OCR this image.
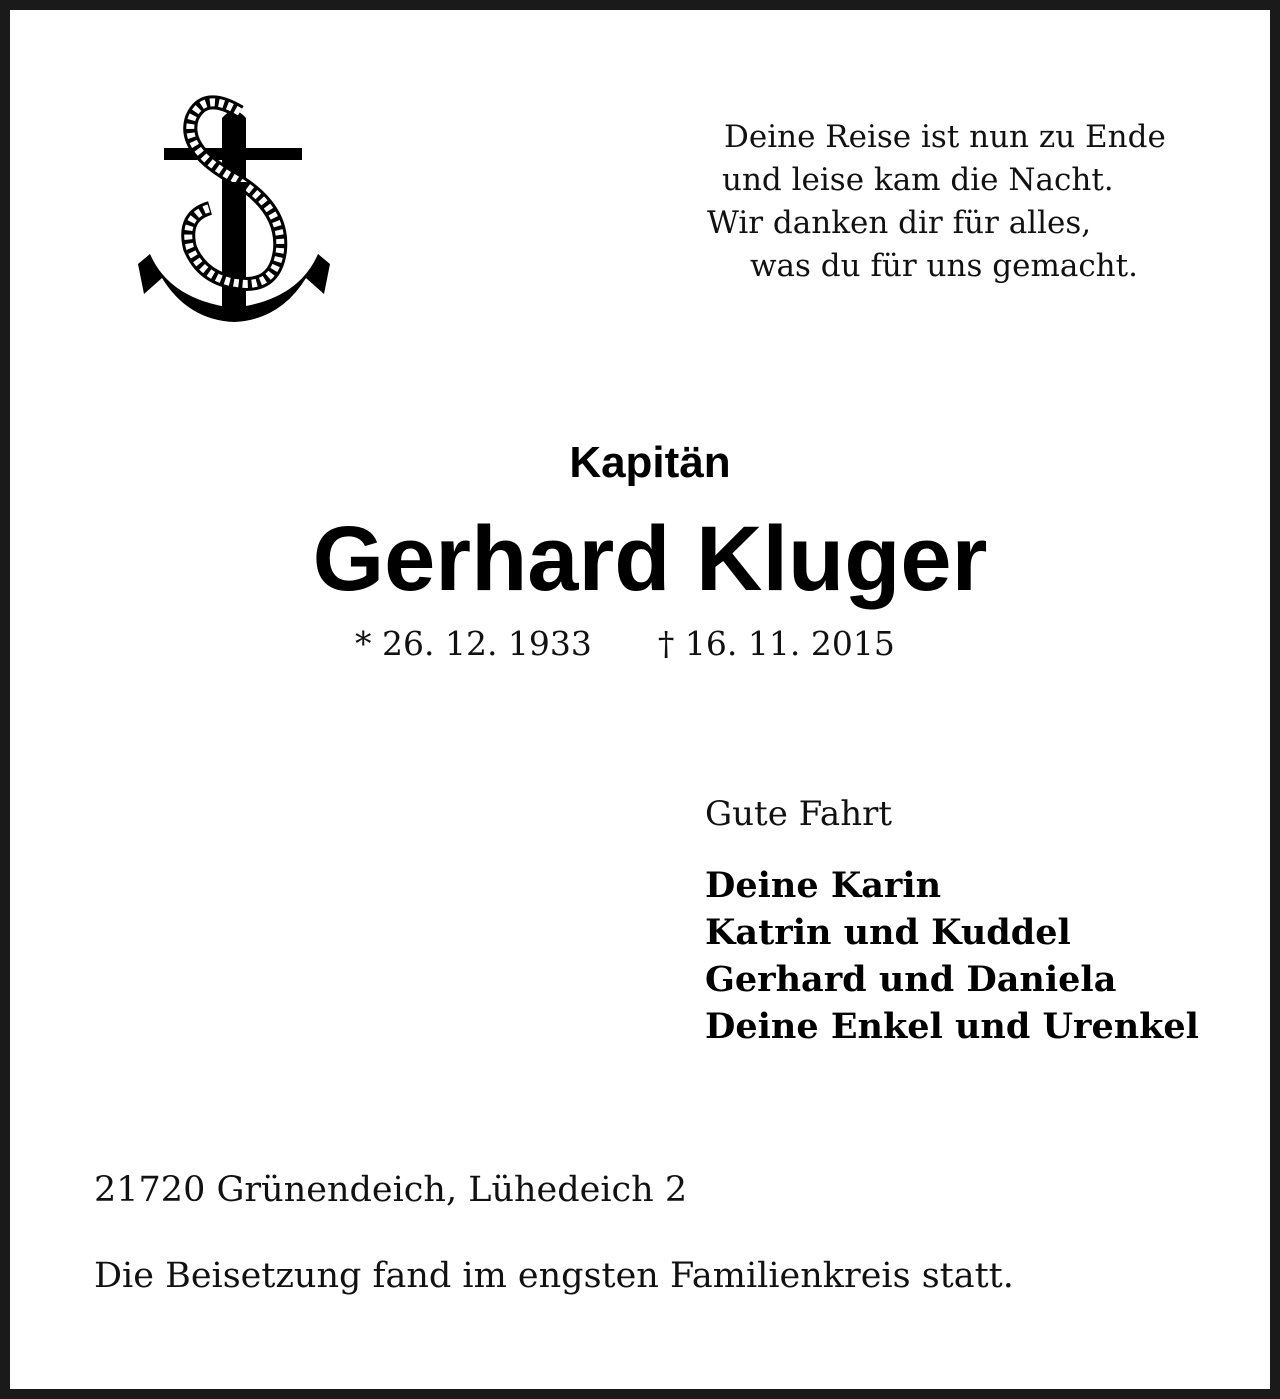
Deine Reise ist nun zu Ende
und leise kam die Nacht.
Wir danken dir für alles,
was du für uns gemacht.
Kapitän
Gerhard Kluger
* 26. 12. 1933 † 16. 11. 2015
Gute Fahrt
Deine Karin
Katrin und Kuddel
Gerhard und Daniela
Deine Enkel und Urenkel
21720 Grünendeich, Lühedeich 2
Die Beisetzung fand im engsten Familienkreis statt.
